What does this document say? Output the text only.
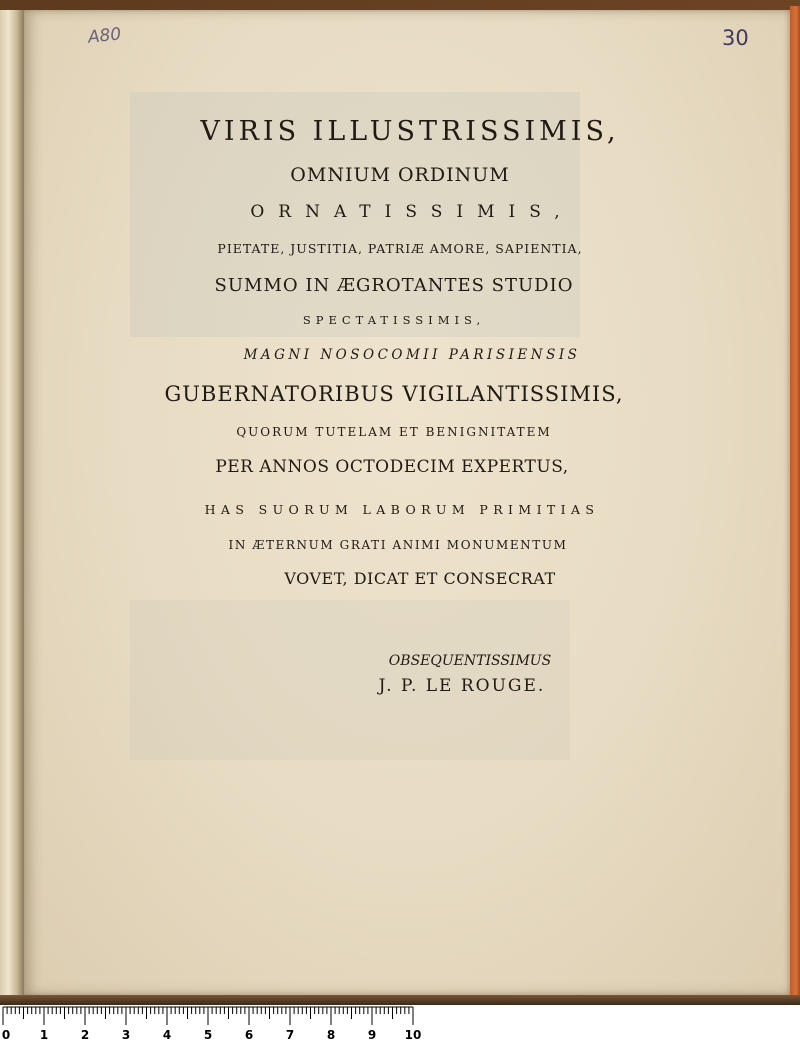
A80	30
VIRIS ILLUSTRISSIMIS,
OMNIUM ORDINUM
ORNATISSIMIS,
PIETATE, JUSTITIA, PATRIÆ AMORE, SAPIENTIA,
SUMMO IN ÆGROTANTES STUDIO
SPECTATISSIMIS,
MAGNI NOSOCOMII PARISIENSIS
GUBERNATORIBUS VIGILANTISSIMIS,
QUORUM TUTELAM ET BENIGNITATEM
PER ANNOS OCTODECIM EXPERTUS,
HAS SUORUM LABORUM PRIMITIAS
IN ÆTERNUM GRATI ANIMI MONUMENTUM
VOVET, DICAT ET CONSECRAT
OBSEQUENTISSIMUS
J. P. LE ROUGE.
0 1	2	3	4	5	6	7	8	9 10
